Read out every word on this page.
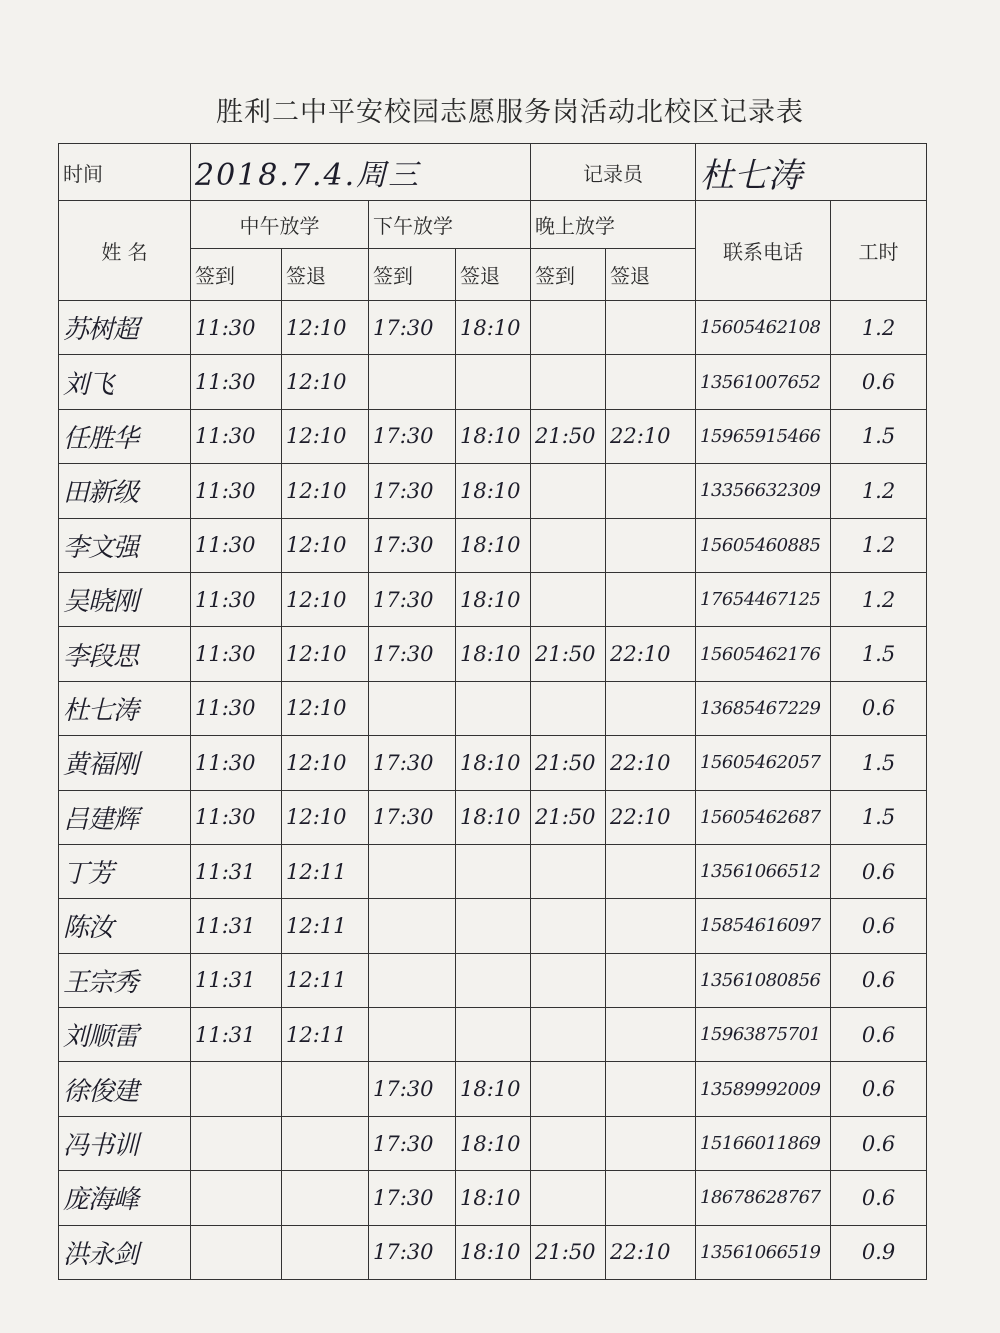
胜利二中平安校园志愿服务岗活动北校区记录表
时间	2018.7.4.周三				记录员		杜七涛	
姓 名	中午放学		下午放学		晚上放学		联系电话	工时
	签到	签退	签到	签退	签到	签退		
苏树超	11:30	12:10	17:30	18:10			15605462108	1.2
刘飞	11:30	12:10					13561007652	0.6
任胜华	11:30	12:10	17:30	18:10	21:50	22:10	15965915466	1.5
田新级	11:30	12:10	17:30	18:10			13356632309	1.2
李文强	11:30	12:10	17:30	18:10			15605460885	1.2
吴晓刚	11:30	12:10	17:30	18:10			17654467125	1.2
李段思	11:30	12:10	17:30	18:10	21:50	22:10	15605462176	1.5
杜七涛	11:30	12:10					13685467229	0.6
黄福刚	11:30	12:10	17:30	18:10	21:50	22:10	15605462057	1.5
吕建辉	11:30	12:10	17:30	18:10	21:50	22:10	15605462687	1.5
丁芳	11:31	12:11					13561066512	0.6
陈汝	11:31	12:11					15854616097	0.6
王宗秀	11:31	12:11					13561080856	0.6
刘顺雷	11:31	12:11					15963875701	0.6
徐俊建			17:30	18:10			13589992009	0.6
冯书训			17:30	18:10			15166011869	0.6
庞海峰			17:30	18:10			18678628767	0.6
洪永剑			17:30	18:10	21:50	22:10	13561066519	0.9
